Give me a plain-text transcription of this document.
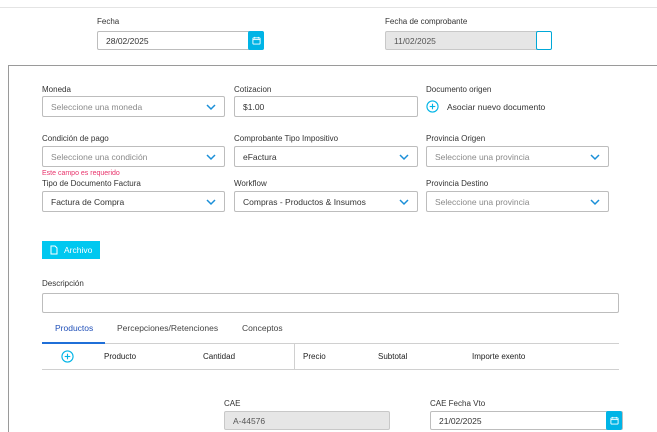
Fecha
28/02/2025
Fecha de comprobante
11/02/2025
Moneda
Seleccione una moneda
Cotizacion
$1.00
Documento origen
Asociar nuevo documento
Condición de pago
Seleccione una condición
Este campo es requerido
Comprobante Tipo Impositivo
eFactura
Provincia Origen
Seleccione una provincia
Tipo de Documento Factura
Factura de Compra
Workflow
Compras - Productos & Insumos
Provincia Destino
Seleccione una provincia
Archivo
Descripción
Productos	Percepciones/Retenciones	Conceptos
Producto	Cantidad	Precio	Subtotal	Importe exento
CAE
A-44576
CAE Fecha Vto
21/02/2025
